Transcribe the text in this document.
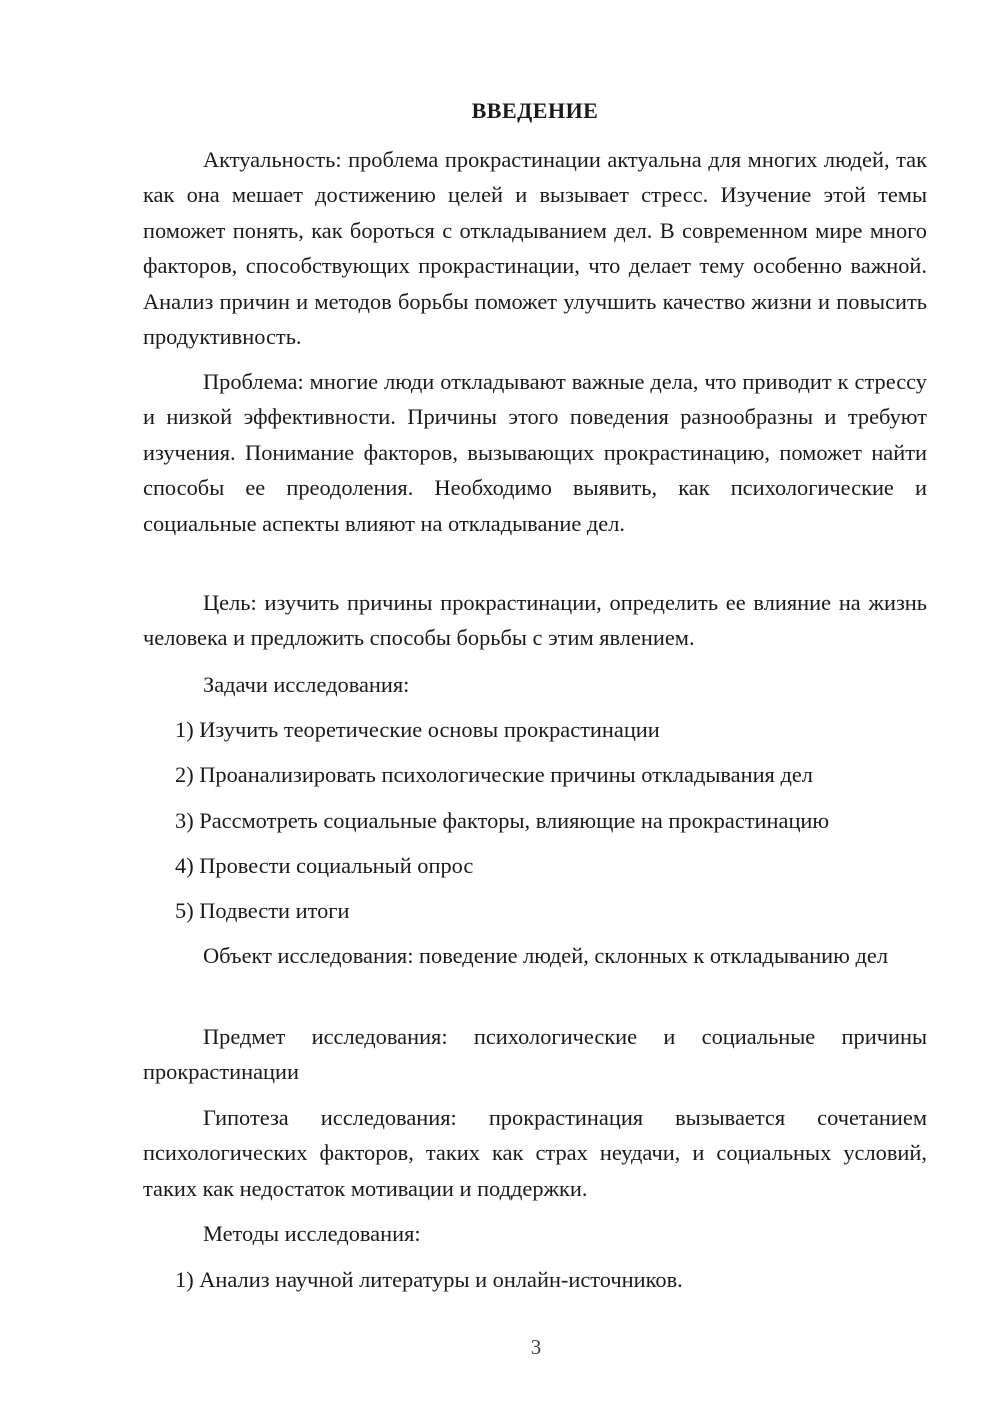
ВВЕДЕНИЕ

Актуальность: проблема прокрастинации актуальна для многих людей, так как она мешает достижению целей и вызывает стресс. Изучение этой темы поможет понять, как бороться с откладыванием дел. В современном мире много факторов, способствующих прокрастинации, что делает тему особенно важной. Анализ причин и методов борьбы поможет улучшить качество жизни и повысить продуктивность.

Проблема: многие люди откладывают важные дела, что приводит к стрессу и низкой эффективности. Причины этого поведения разнообразны и требуют изучения. Понимание факторов, вызывающих прокрастинацию, поможет найти способы ее преодоления. Необходимо выявить, как психологические и социальные аспекты влияют на откладывание дел.

Цель: изучить причины прокрастинации, определить ее влияние на жизнь человека и предложить способы борьбы с этим явлением.

Задачи исследования:

1) Изучить теоретические основы прокрастинации

2) Проанализировать психологические причины откладывания дел

3) Рассмотреть социальные факторы, влияющие на прокрастинацию

4) Провести социальный опрос

5) Подвести итоги

Объект исследования: поведение людей, склонных к откладыванию дел

Предмет исследования: психологические и социальные причины прокрастинации

Гипотеза исследования: прокрастинация вызывается сочетанием психологических факторов, таких как страх неудачи, и социальных условий, таких как недостаток мотивации и поддержки.

Методы исследования:

1) Анализ научной литературы и онлайн-источников.

3
